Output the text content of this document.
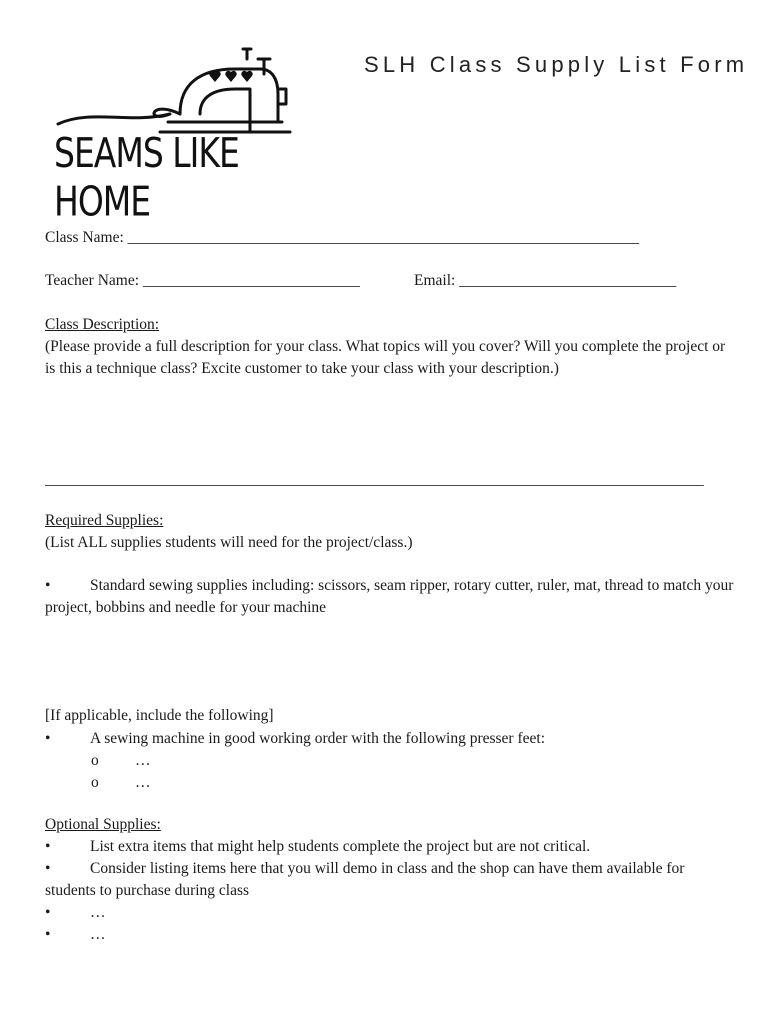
SEAMS LIKE HOME
SLH Class Supply List Form
Class Name: __________________________________________________________________
Teacher Name: ____________________________	Email: ____________________________
Class Description:
(Please provide a full description for your class. What topics will you cover? Will you complete the project or is this a technique class? Excite customer to take your class with your description.)
_____________________________________________________________________________________
Required Supplies:
(List ALL supplies students will need for the project/class.)
•	Standard sewing supplies including: scissors, seam ripper, rotary cutter, ruler, mat, thread to match your project, bobbins and needle for your machine
[If applicable, include the following]
•	A sewing machine in good working order with the following presser feet:
o …
o …
Optional Supplies:
•	List extra items that might help students complete the project but are not critical.
•	Consider listing items here that you will demo in class and the shop can have them available for students to purchase during class
•	…
•	…
